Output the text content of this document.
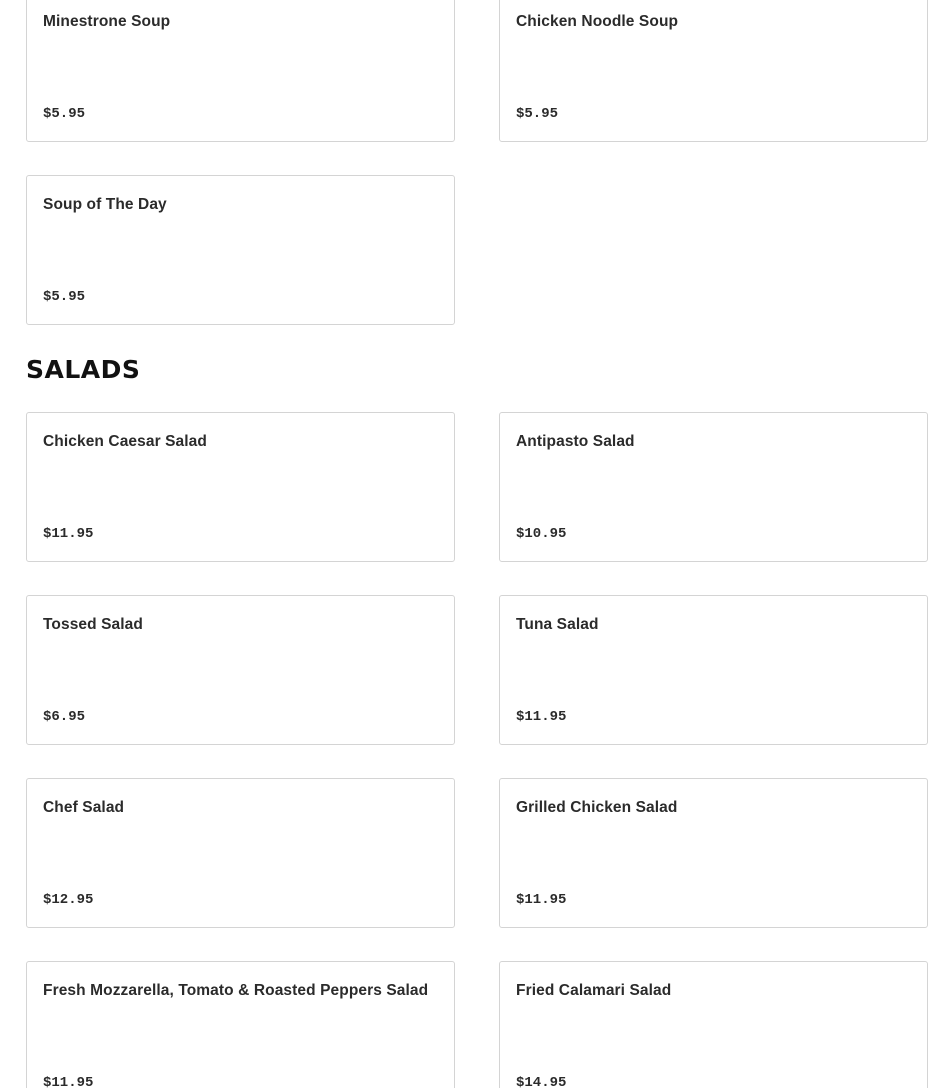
Minestrone Soup
$5.95
Chicken Noodle Soup
$5.95
Soup of The Day
$5.95
SALADS
Chicken Caesar Salad
$11.95
Antipasto Salad
$10.95
Tossed Salad
$6.95
Tuna Salad
$11.95
Chef Salad
$12.95
Grilled Chicken Salad
$11.95
Fresh Mozzarella, Tomato & Roasted Peppers Salad
$11.95
Fried Calamari Salad
$14.95
